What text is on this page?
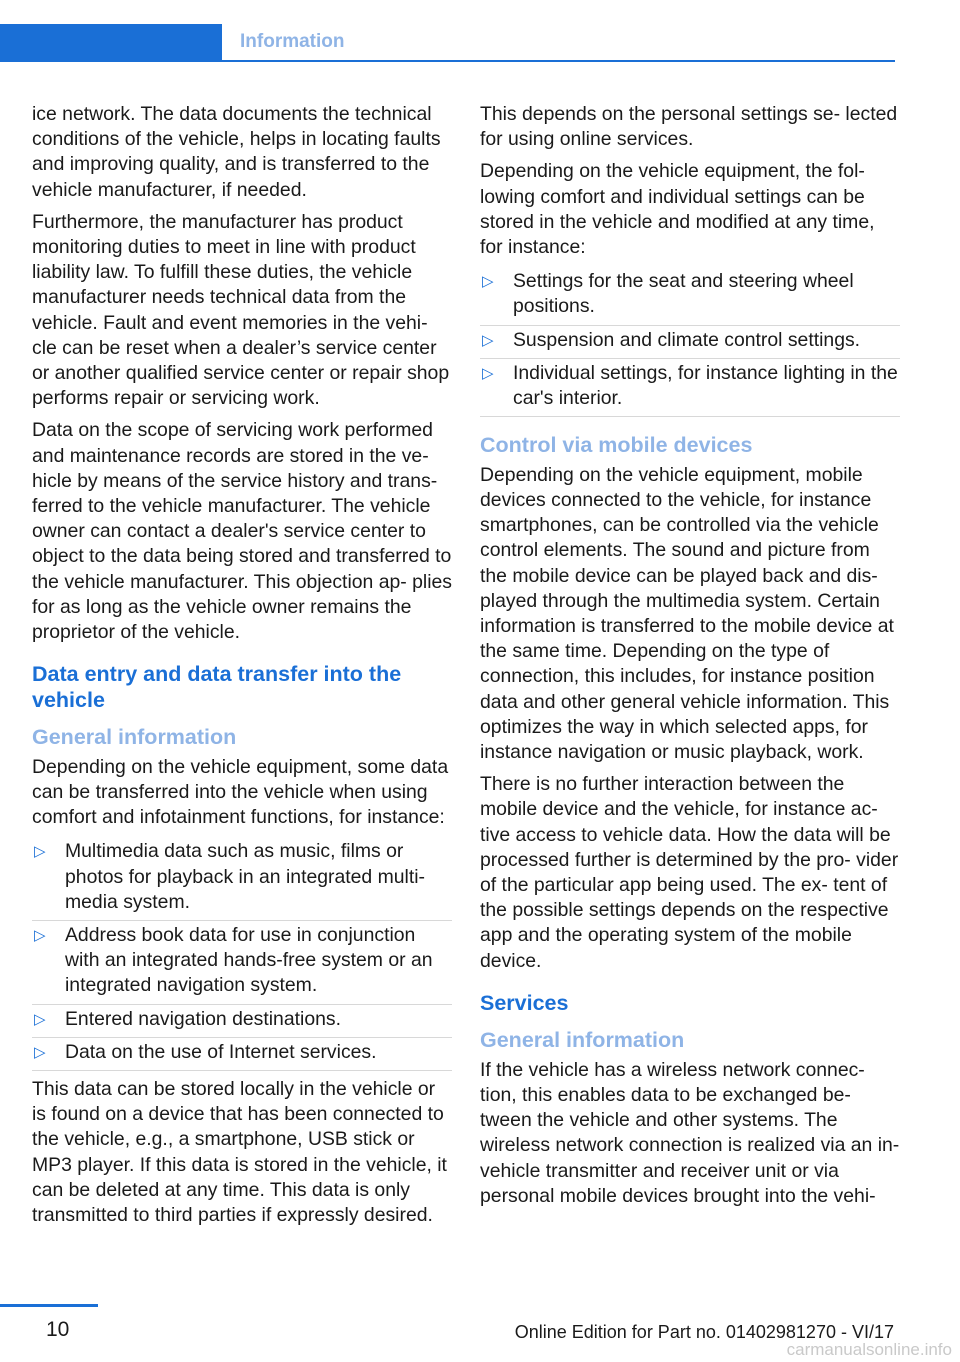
Information

ice network. The data documents the technical conditions of the vehicle, helps in locating faults and improving quality, and is transferred to the vehicle manufacturer, if needed.

Furthermore, the manufacturer has product monitoring duties to meet in line with product liability law. To fulfill these duties, the vehicle manufacturer needs technical data from the vehicle. Fault and event memories in the vehi‐ cle can be reset when a dealer’s service center or another qualified service center or repair shop performs repair or servicing work.

Data on the scope of servicing work performed and maintenance records are stored in the ve‐ hicle by means of the service history and trans‐ ferred to the vehicle manufacturer. The vehicle owner can contact a dealer's service center to object to the data being stored and transferred to the vehicle manufacturer. This objection ap‐ plies for as long as the vehicle owner remains the proprietor of the vehicle.

Data entry and data transfer into the vehicle
General information

Depending on the vehicle equipment, some data can be transferred into the vehicle when using comfort and infotainment functions, for instance:

▷ Multimedia data such as music, films or photos for playback in an integrated multi‐ media system.
▷ Address book data for use in conjunction with an integrated hands-free system or an integrated navigation system.
▷ Entered navigation destinations.
▷ Data on the use of Internet services.

This data can be stored locally in the vehicle or is found on a device that has been connected to the vehicle, e.g., a smartphone, USB stick or MP3 player. If this data is stored in the vehicle, it can be deleted at any time. This data is only transmitted to third parties if expressly desired.

This depends on the personal settings se‐ lected for using online services.

Depending on the vehicle equipment, the fol‐ lowing comfort and individual settings can be stored in the vehicle and modified at any time, for instance:

▷ Settings for the seat and steering wheel positions.
▷ Suspension and climate control settings.
▷ Individual settings, for instance lighting in the car's interior.
Control via mobile devices

Depending on the vehicle equipment, mobile devices connected to the vehicle, for instance smartphones, can be controlled via the vehicle control elements. The sound and picture from the mobile device can be played back and dis‐ played through the multimedia system. Certain information is transferred to the mobile device at the same time. Depending on the type of connection, this includes, for instance position data and other general vehicle information. This optimizes the way in which selected apps, for instance navigation or music playback, work.

There is no further interaction between the mobile device and the vehicle, for instance ac‐ tive access to vehicle data. How the data will be processed further is determined by the pro‐ vider of the particular app being used. The ex‐ tent of the possible settings depends on the respective app and the operating system of the mobile device.

Services
General information

If the vehicle has a wireless network connec‐ tion, this enables data to be exchanged be‐ tween the vehicle and other systems. The wireless network connection is realized via an in-vehicle transmitter and receiver unit or via personal mobile devices brought into the vehi‐

10	Online Edition for Part no. 01402981270 - VI/17
carmanualsonline.info
